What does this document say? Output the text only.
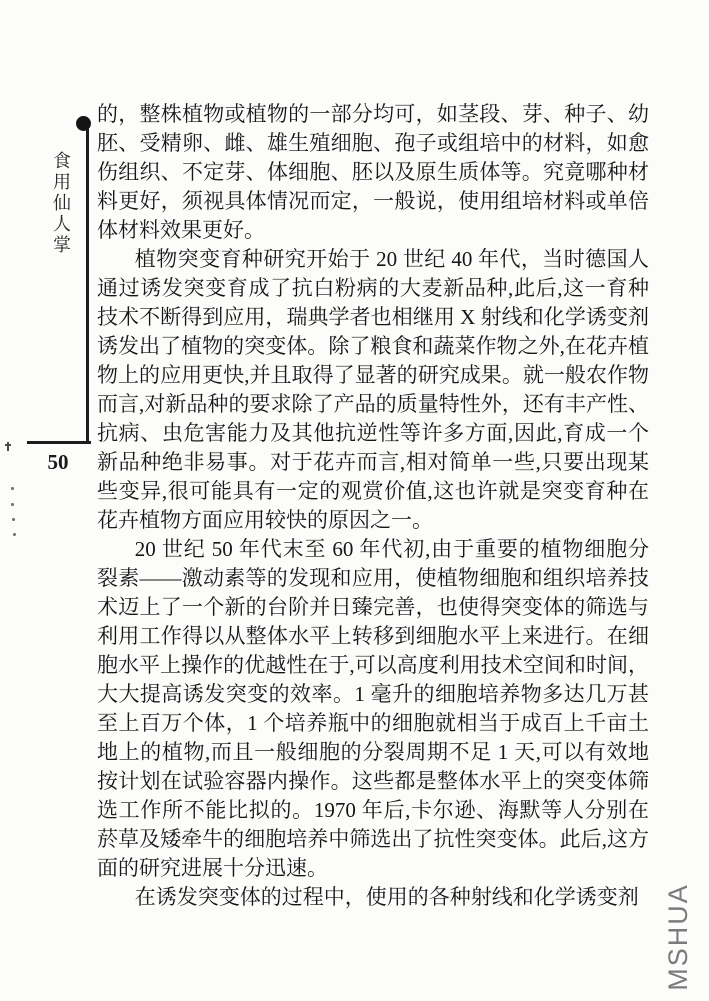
食用仙人掌
50

的，整株植物或植物的一部分均可，如茎段、芽、种子、幼胚、受精卵、雌、雄生殖细胞、孢子或组培中的材料，如愈伤组织、不定芽、体细胞、胚以及原生质体等。究竟哪种材料更好，须视具体情况而定，一般说，使用组培材料或单倍体材料效果更好。

植物突变育种研究开始于 20 世纪 40 年代，当时德国人通过诱发突变育成了抗白粉病的大麦新品种,此后,这一育种技术不断得到应用，瑞典学者也相继用 X 射线和化学诱变剂诱发出了植物的突变体。除了粮食和蔬菜作物之外,在花卉植物上的应用更快,并且取得了显著的研究成果。就一般农作物而言,对新品种的要求除了产品的质量特性外，还有丰产性、抗病、虫危害能力及其他抗逆性等许多方面,因此,育成一个新品种绝非易事。对于花卉而言,相对简单一些,只要出现某些变异,很可能具有一定的观赏价值,这也许就是突变育种在花卉植物方面应用较快的原因之一。

20 世纪 50 年代末至 60 年代初,由于重要的植物细胞分裂素——激动素等的发现和应用，使植物细胞和组织培养技术迈上了一个新的台阶并日臻完善，也使得突变体的筛选与利用工作得以从整体水平上转移到细胞水平上来进行。在细胞水平上操作的优越性在于,可以高度利用技术空间和时间，大大提高诱发突变的效率。1 毫升的细胞培养物多达几万甚至上百万个体，1 个培养瓶中的细胞就相当于成百上千亩土地上的植物,而且一般细胞的分裂周期不足 1 天,可以有效地按计划在试验容器内操作。这些都是整体水平上的突变体筛选工作所不能比拟的。1970 年后,卡尔逊、海默等人分别在菸草及矮牵牛的细胞培养中筛选出了抗性突变体。此后,这方面的研究进展十分迅速。

在诱发突变体的过程中，使用的各种射线和化学诱变剂 MSHUA
